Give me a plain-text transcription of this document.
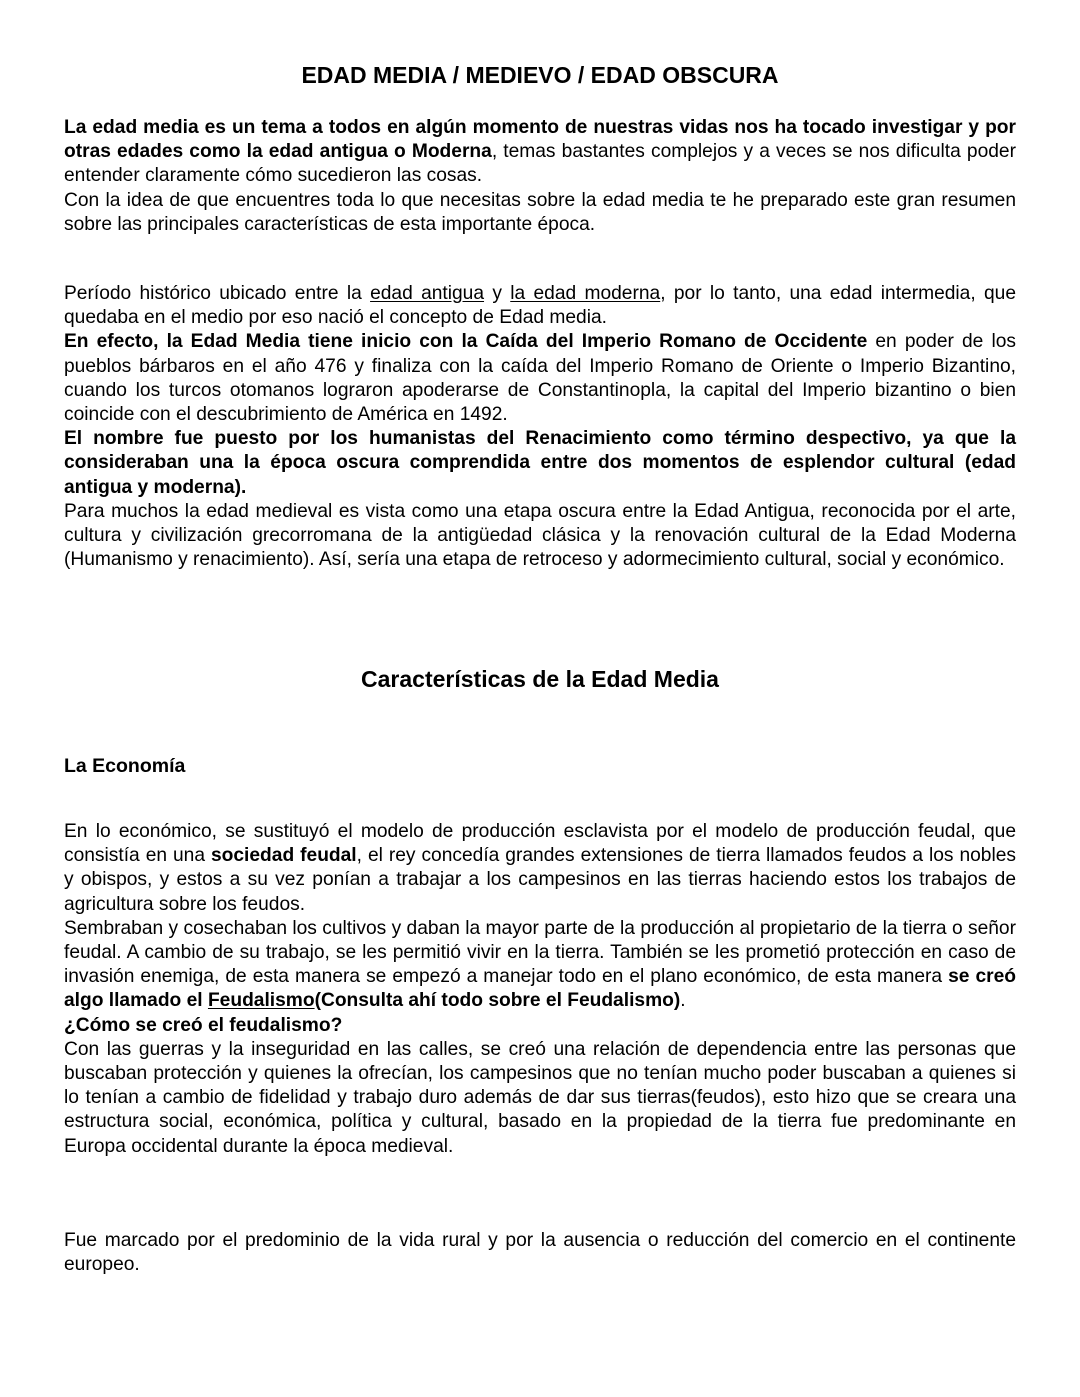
EDAD MEDIA / MEDIEVO / EDAD OBSCURA

La edad media es un tema a todos en algún momento de nuestras vidas nos ha tocado investigar y por otras edades como la edad antigua o Moderna, temas bastantes complejos y a veces se nos dificulta poder entender claramente cómo sucedieron las cosas.
Con la idea de que encuentres toda lo que necesitas sobre la edad media te he preparado este gran resumen sobre las principales características de esta importante época.

Período histórico ubicado entre la edad antigua y la edad moderna, por lo tanto, una edad intermedia, que quedaba en el medio por eso nació el concepto de Edad media.
En efecto, la Edad Media tiene inicio con la Caída del Imperio Romano de Occidente en poder de los pueblos bárbaros en el año 476 y finaliza con la caída del Imperio Romano de Oriente o Imperio Bizantino, cuando los turcos otomanos lograron apoderarse de Constantinopla, la capital del Imperio bizantino o bien coincide con el descubrimiento de América en 1492.
El nombre fue puesto por los humanistas del Renacimiento como término despectivo, ya que la consideraban una la época oscura comprendida entre dos momentos de esplendor cultural (edad antigua y moderna).
Para muchos la edad medieval es vista como una etapa oscura entre la Edad Antigua, reconocida por el arte, cultura y civilización grecorromana de la antigüedad clásica y la renovación cultural de la Edad Moderna (Humanismo y renacimiento). Así, sería una etapa de retroceso y adormecimiento cultural, social y económico.

Características de la Edad Media
La Economía

En lo económico, se sustituyó el modelo de producción esclavista por el modelo de producción feudal, que consistía en una sociedad feudal, el rey concedía grandes extensiones de tierra llamados feudos a los nobles y obispos, y estos a su vez ponían a trabajar a los campesinos en las tierras haciendo estos los trabajos de agricultura sobre los feudos.
Sembraban y cosechaban los cultivos y daban la mayor parte de la producción al propietario de la tierra o señor feudal. A cambio de su trabajo, se les permitió vivir en la tierra. También se les prometió protección en caso de invasión enemiga, de esta manera se empezó a manejar todo en el plano económico, de esta manera se creó algo llamado el Feudalismo(Consulta ahí todo sobre el Feudalismo).
¿Cómo se creó el feudalismo?
Con las guerras y la inseguridad en las calles, se creó una relación de dependencia entre las personas que buscaban protección y quienes la ofrecían, los campesinos que no tenían mucho poder buscaban a quienes si lo tenían a cambio de fidelidad y trabajo duro además de dar sus tierras(feudos), esto hizo que se creara una estructura social, económica, política y cultural, basado en la propiedad de la tierra fue predominante en Europa occidental durante la época medieval.

Fue marcado por el predominio de la vida rural y por la ausencia o reducción del comercio en el continente europeo.
